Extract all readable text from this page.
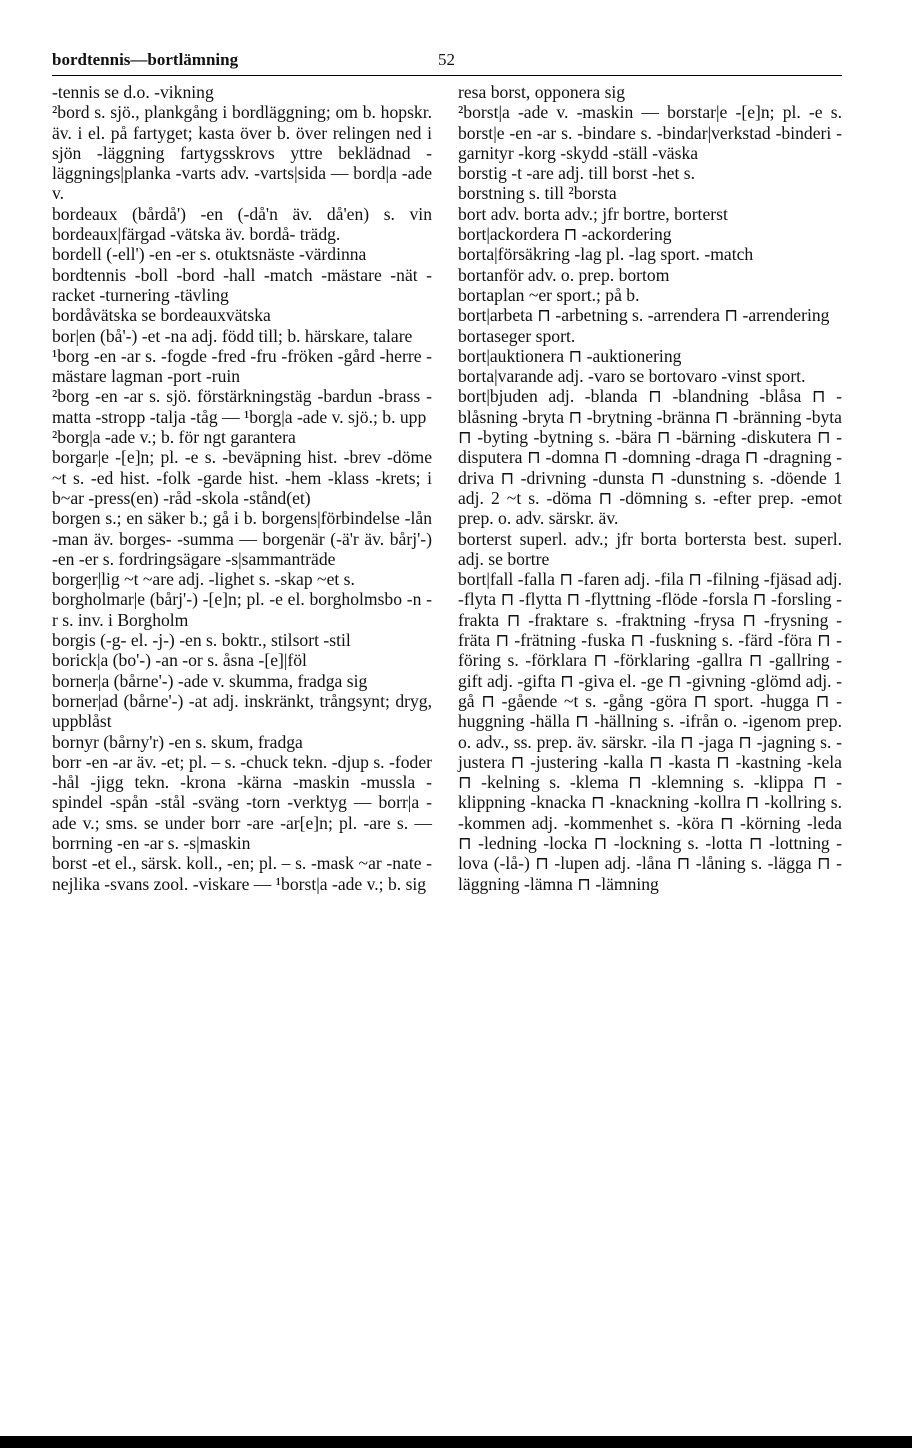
bordtennis—bortlämning	52

-tennis se d.o. -vikning

²bord s. sjö., plankgång i bordläggning; om b. hopskr. äv. i el. på fartyget; kasta över b. över relingen ned i sjön -läggning fartygsskrovs yttre beklädnad -läggnings|planka -varts adv. -varts|sida — bord|a -ade v.

bordeaux (bårdå') -en (-då'n äv. då'en) s. vin bordeaux|färgad -vätska äv. bordå- trädg.

bordell (-ell') -en -er s. otuktsnäste -värdinna

bordtennis -boll -bord -hall -match -mästare -nät -racket -turnering -tävling

bordåvätska se bordeauxvätska

bor|en (bå'-) -et -na adj. född till; b. härskare, talare

¹borg -en -ar s. -fogde -fred -fru -fröken -gård -herre -mästare lagman -port -ruin

²borg -en -ar s. sjö. förstärkningstäg -bardun -brass -matta -stropp -talja -tåg — ¹borg|a -ade v. sjö.; b. upp

²borg|a -ade v.; b. för ngt garantera

borgar|e -[e]n; pl. -e s. -beväpning hist. -brev -döme ~t s. -ed hist. -folk -garde hist. -hem -klass -krets; i b~ar -press(en) -råd -skola -stånd(et)

borgen s.; en säker b.; gå i b. borgens|förbindelse -lån -man äv. borges- -summa — borgenär (-ä'r äv. bårj'-) -en -er s. fordringsägare -s|sammanträde

borger|lig ~t ~are adj. -lighet s. -skap ~et s.

borgholmar|e (bårj'-) -[e]n; pl. -e el. borgholmsbo -n -r s. inv. i Borgholm

borgis (-g- el. -j-) -en s. boktr., stilsort -stil

borick|a (bo'-) -an -or s. åsna -[e]|föl

borner|a (bårne'-) -ade v. skumma, fradga sig

borner|ad (bårne'-) -at adj. inskränkt, trångsynt; dryg, uppblåst

bornyr (bårny'r) -en s. skum, fradga

borr -en -ar äv. -et; pl. – s. -chuck tekn. -djup s. -foder -hål -jigg tekn. -krona -kärna -maskin -mussla -spindel -spån -stål -sväng -torn -verktyg — borr|a -ade v.; sms. se under borr -are -ar[e]n; pl. -are s. — borrning -en -ar s. -s|maskin

borst -et el., särsk. koll., -en; pl. – s. -mask ~ar -nate -nejlika -svans zool. -viskare — ¹borst|a -ade v.; b. sig

resa borst, opponera sig

²borst|a -ade v. -maskin — borstar|e -[e]n; pl. -e s. borst|e -en -ar s. -bindare s. -bindar|verkstad -binderi -garnityr -korg -skydd -ställ -väska

borstig -t -are adj. till borst -het s.

borstning s. till ²borsta

bort adv. borta adv.; jfr bortre, borterst

bort|ackordera ⊓ -ackordering

borta|försäkring -lag pl. -lag sport. -match

bortanför adv. o. prep. bortom

bortaplan ~er sport.; på b.

bort|arbeta ⊓ -arbetning s. -arrendera ⊓ -arrendering

bortaseger sport.

bort|auktionera ⊓ -auktionering

borta|varande adj. -varo se bortovaro -vinst sport.

bort|bjuden adj. -blanda ⊓ -blandning -blåsa ⊓ -blåsning -bryta ⊓ -brytning -bränna ⊓ -bränning -byta ⊓ -byting -bytning s. -bära ⊓ -bärning -diskutera ⊓ -disputera ⊓ -domna ⊓ -domning -draga ⊓ -dragning -driva ⊓ -drivning -dunsta ⊓ -dunstning s. -döende 1 adj. 2 ~t s. -döma ⊓ -dömning s. -efter prep. -emot prep. o. adv. särskr. äv.

borterst superl. adv.; jfr borta bortersta best. superl. adj. se bortre

bort|fall -falla ⊓ -faren adj. -fila ⊓ -filning -fjäsad adj. -flyta ⊓ -flytta ⊓ -flyttning -flöde -forsla ⊓ -forsling -frakta ⊓ -fraktare s. -fraktning -frysa ⊓ -frysning -fräta ⊓ -frätning -fuska ⊓ -fuskning s. -färd -föra ⊓ -föring s. -förklara ⊓ -förklaring -gallra ⊓ -gallring -gift adj. -gifta ⊓ -giva el. -ge ⊓ -givning -glömd adj. -gå ⊓ -gående ~t s. -gång -göra ⊓ sport. -hugga ⊓ -huggning -hälla ⊓ -hällning s. -ifrån o. -igenom prep. o. adv., ss. prep. äv. särskr. -ila ⊓ -jaga ⊓ -jagning s. -justera ⊓ -justering -kalla ⊓ -kasta ⊓ -kastning -kela ⊓ -kelning s. -klema ⊓ -klemning s. -klippa ⊓ -klippning -knacka ⊓ -knackning -kollra ⊓ -kollring s. -kommen adj. -kommenhet s. -köra ⊓ -körning -leda ⊓ -ledning -locka ⊓ -lockning s. -lotta ⊓ -lottning -lova (-lå-) ⊓ -lupen adj. -låna ⊓ -låning s. -lägga ⊓ -läggning -lämna ⊓ -lämning
